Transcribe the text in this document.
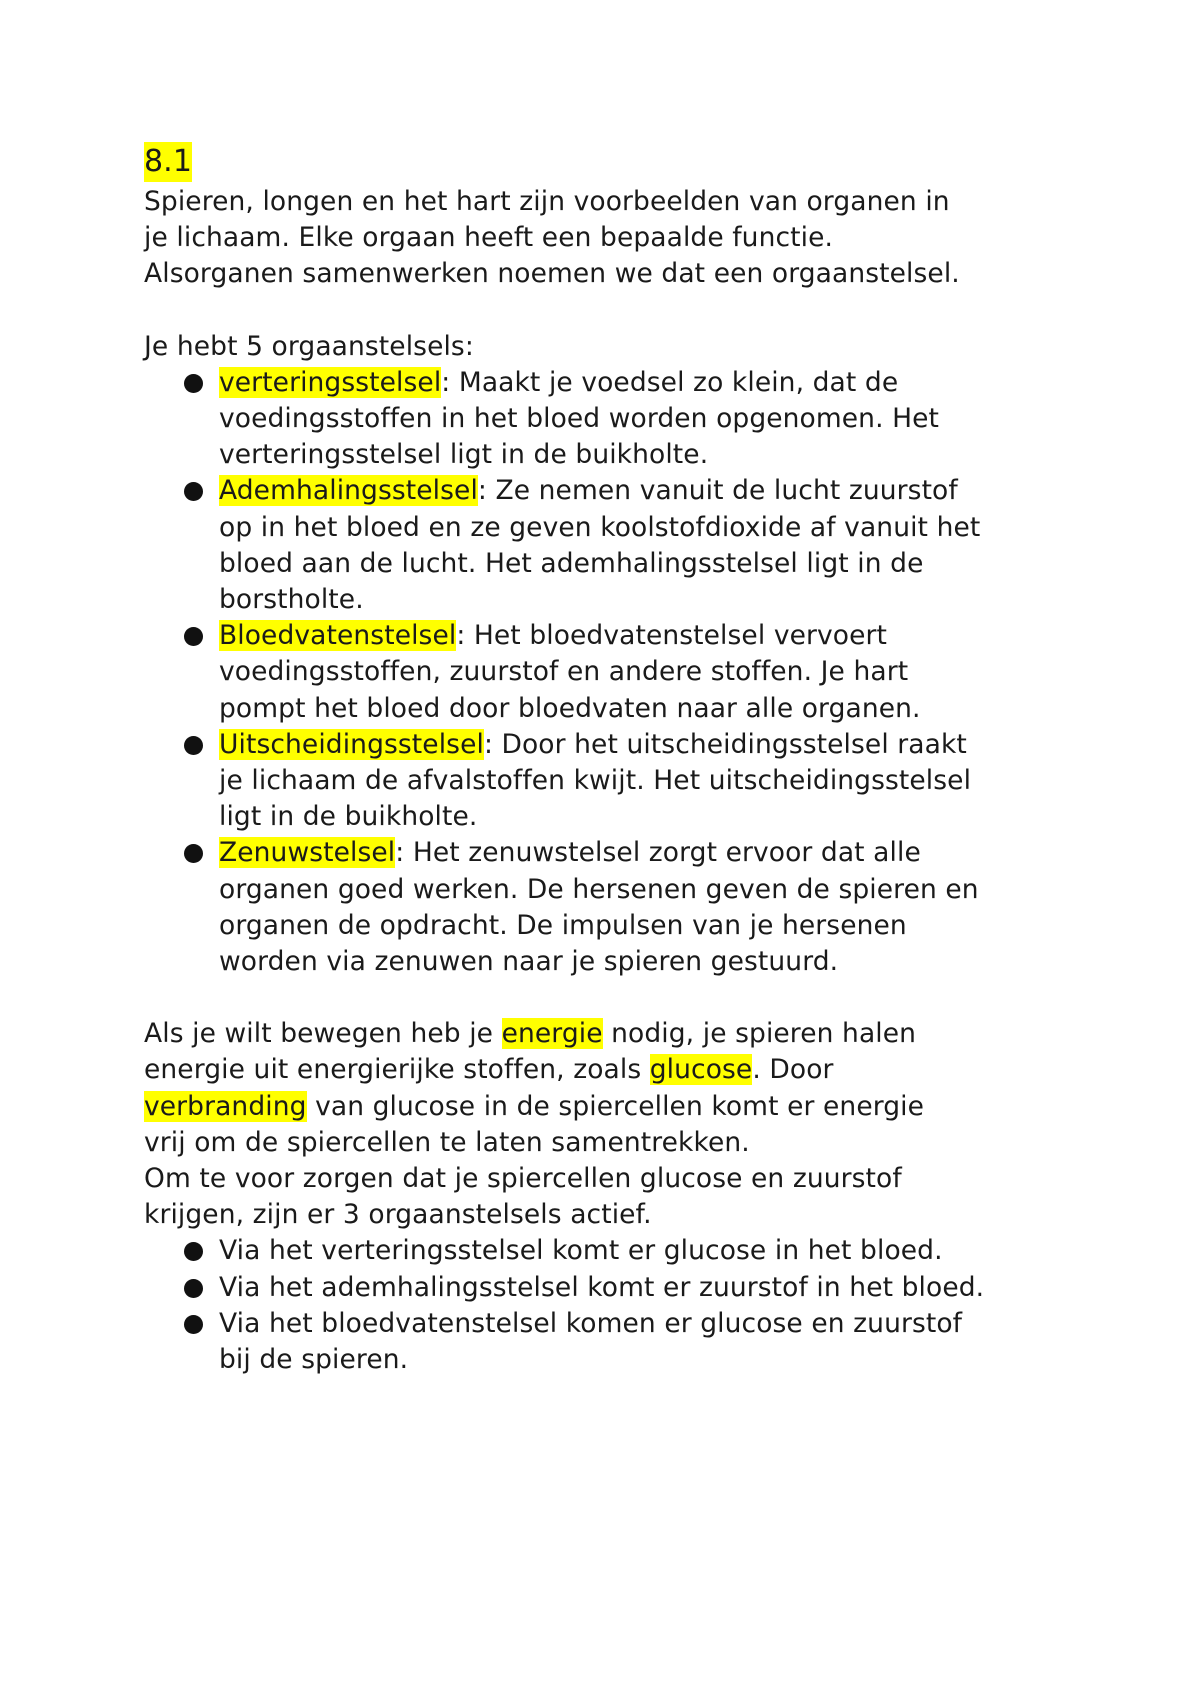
8.1

Spieren, longen en het hart zijn voorbeelden van organen in
je lichaam. Elke orgaan heeft een bepaalde functie.
Alsorganen samenwerken noemen we dat een orgaanstelsel.

Je hebt 5 orgaanstelsels:

verteringsstelsel: Maakt je voedsel zo klein, dat de
voedingsstoffen in het bloed worden opgenomen. Het
verteringsstelsel ligt in de buikholte.
Ademhalingsstelsel: Ze nemen vanuit de lucht zuurstof
op in het bloed en ze geven koolstofdioxide af vanuit het
bloed aan de lucht. Het ademhalingsstelsel ligt in de
borstholte.
Bloedvatenstelsel: Het bloedvatenstelsel vervoert
voedingsstoffen, zuurstof en andere stoffen. Je hart
pompt het bloed door bloedvaten naar alle organen.
Uitscheidingsstelsel: Door het uitscheidingsstelsel raakt
je lichaam de afvalstoffen kwijt. Het uitscheidingsstelsel
ligt in de buikholte.
Zenuwstelsel: Het zenuwstelsel zorgt ervoor dat alle
organen goed werken. De hersenen geven de spieren en
organen de opdracht. De impulsen van je hersenen
worden via zenuwen naar je spieren gestuurd.

Als je wilt bewegen heb je energie nodig, je spieren halen
energie uit energierijke stoffen, zoals glucose. Door
verbranding van glucose in de spiercellen komt er energie
vrij om de spiercellen te laten samentrekken.
Om te voor zorgen dat je spiercellen glucose en zuurstof
krijgen, zijn er 3 orgaanstelsels actief.

Via het verteringsstelsel komt er glucose in het bloed.
Via het ademhalingsstelsel komt er zuurstof in het bloed.
Via het bloedvatenstelsel komen er glucose en zuurstof
bij de spieren.
